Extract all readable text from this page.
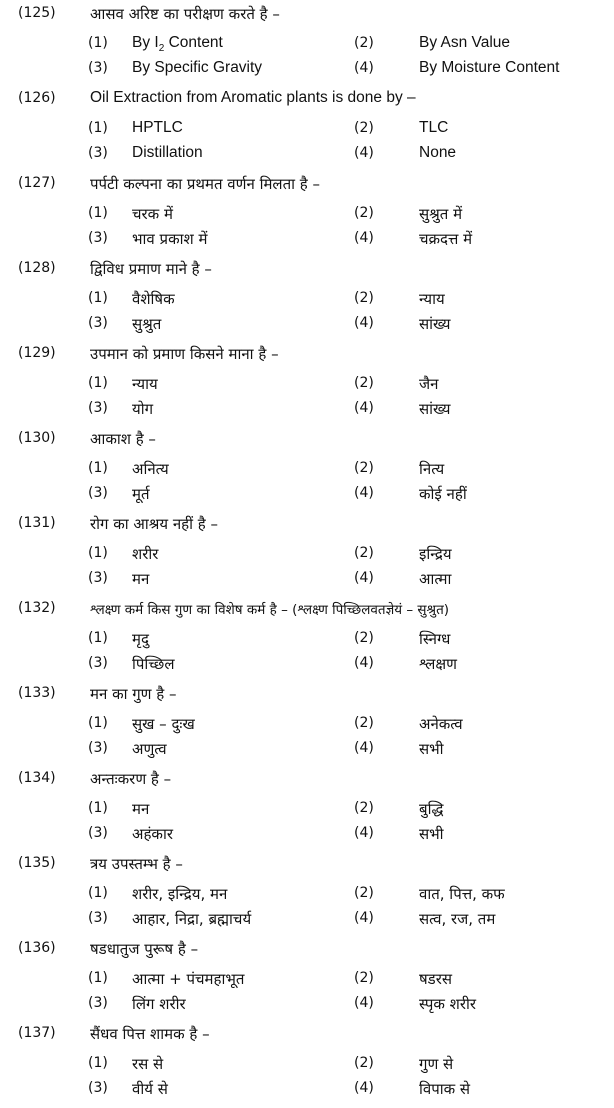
(125) आसव अरिष्ट का परीक्षण करते है –
(1) By $I_2$ Content	(2)	By Asn Value
(3) By Specific Gravity	(4)	By Moisture Content
(126) Oil Extraction from Aromatic plants is done by –
(1) HPTLC	(2)	TLC
(3) Distillation	(4)	None
(127) पर्पटी कल्पना का प्रथमत वर्णन मिलता है –
(1) चरक में	(2)	सुश्रुत में
(3) भाव प्रकाश में	(4)	चक्रदत्त में
(128) द्विविध प्रमाण माने है –
(1) वैशेषिक	(2)	न्याय
(3) सुश्रुत	(4)	सांख्य
(129) उपमान को प्रमाण किसने माना है –
(1) न्याय	(2)	जैन
(3) योग	(4)	सांख्य
(130) आकाश है –
(1) अनित्य	(2)	नित्य
(3) मूर्त	(4)	कोई नहीं
(131) रोग का आश्रय नहीं है –
(1) शरीर	(2)	इन्द्रिय
(3) मन	(4)	आत्मा
(132)	श्लक्ष्ण कर्म किस गुण का विशेष कर्म है – (श्लक्ष्ण पिच्छिलवतज्ञेयं – सुश्रुत)
(1) मृदु	(2)	स्निग्ध
(3) पिच्छिल	(4)	श्लक्षण
(133) मन का गुण है –
(1) सुख – दुःख	(2)	अनेकत्व
(3) अणुत्व	(4)	सभी
(134) अन्तःकरण है –
(1) मन	(2)	बुद्धि
(3) अहंकार	(4)	सभी
(135) त्रय उपस्तम्भ है –
(1) शरीर, इन्द्रिय, मन	(2)	वात, पित्त, कफ
(3) आहार, निद्रा, ब्रह्माचर्य	(4)	सत्व, रज, तम
(136) षडधातुज पुरूष है –
(1) आत्मा + पंचमहाभूत	(2)	षडरस
(3) लिंग शरीर	(4)	स्पृक शरीर
(137) सैंधव पित्त शामक है –
(1) रस से	(2)	गुण से
(3) वीर्य से	(4)	विपाक से
